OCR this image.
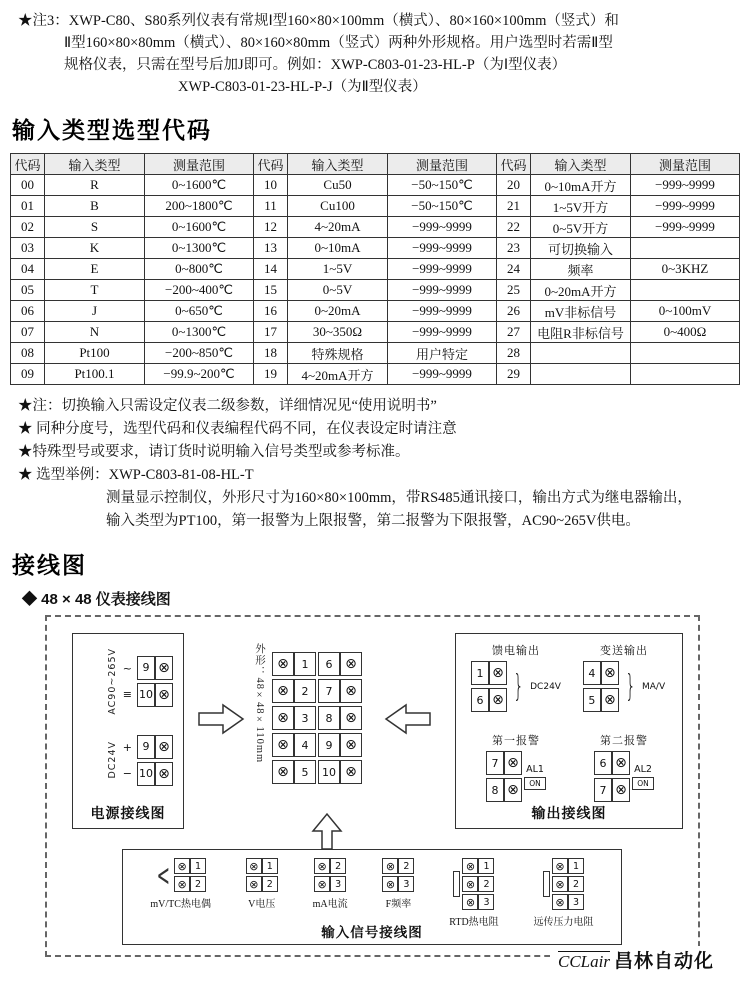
★注3：XWP-C80、S80系列仪表有常规Ⅰ型160×80×100mm（横式）、80×160×100mm（竖式）和
Ⅱ型160×80×80mm（横式）、80×160×80mm（竖式）两种外形规格。用户选型时若需Ⅱ型
规格仪表，只需在型号后加J即可。例如：XWP-C803-01-23-HL-P（为Ⅰ型仪表）
XWP-C803-01-23-HL-P-J（为Ⅱ型仪表）
输入类型选型代码
代码	输入类型	测量范围	代码	输入类型	测量范围	代码	输入类型	测量范围
00	R	0~1600℃	10	Cu50	−50~150℃	20	0~10mA开方	−999~9999
01	B	200~1800℃	11	Cu100	−50~150℃	21	1~5V开方	−999~9999
02	S	0~1600℃	12	4~20mA	−999~9999	22	0~5V开方	−999~9999
03	K	0~1300℃	13	0~10mA	−999~9999	23	可切换输入	
04	E	0~800℃	14	1~5V	−999~9999	24	频率	0~3KHZ
05	T	−200~400℃	15	0~5V	−999~9999	25	0~20mA开方	
06	J	0~650℃	16	0~20mA	−999~9999	26	mV非标信号	0~100mV
07	N	0~1300℃	17	30~350Ω	−999~9999	27	电阻R非标信号	0~400Ω
08	Pt100	−200~850℃	18	特殊规格	用户特定	28		
09	Pt100.1	−99.9~200℃	19	4~20mA开方	−999~9999	29		
★注：切换输入只需设定仪表二级参数，详细情况见“使用说明书”
★ 同种分度号，选型代码和仪表编程代码不同，在仪表设定时请注意
★特殊型号或要求，请订货时说明输入信号类型或参考标准。
★ 选型举例：XWP-C803-81-08-HL-T
测量显示控制仪，外形尺寸为160×80×100mm，带RS485通讯接口，输出方式为继电器输出，
输入类型为PT100，第一报警为上限报警，第二报警为下限报警，AC90~265V供电。
接线图
◆ 48 × 48 仪表接线图
AC90~265V ~
≡
9 ⊗
10 ⊗
DC24V +
−
9 ⊗
10 ⊗
电源接线图
外形：48×48×110mm ⊗	1
⊗	2
⊗	3
⊗	4
⊗	5
6 ⊗
7 ⊗
8 ⊗
9 ⊗
10 ⊗
馈电输出
1 ⊗
6 ⊗ } DC24V
变送输出
4 ⊗
5 ⊗ } MA/V
第一报警
7 ⊗
8 ⊗
AL1
ON
第二报警
6 ⊗
7 ⊗
AL2
ON
输出接线图
< ⊗ 1
⊗ 2
mV/TC热电偶
⊗ 1
⊗ 2
V电压
⊗ 2
⊗ 3
mA电流
⊗ 2
⊗ 3
F频率
⊗ 1
⊗ 2
⊗ 3
RTD热电阻
⊗ 1
⊗ 2
⊗ 3
远传压力电阻
输入信号接线图
CCLair 昌林自动化
